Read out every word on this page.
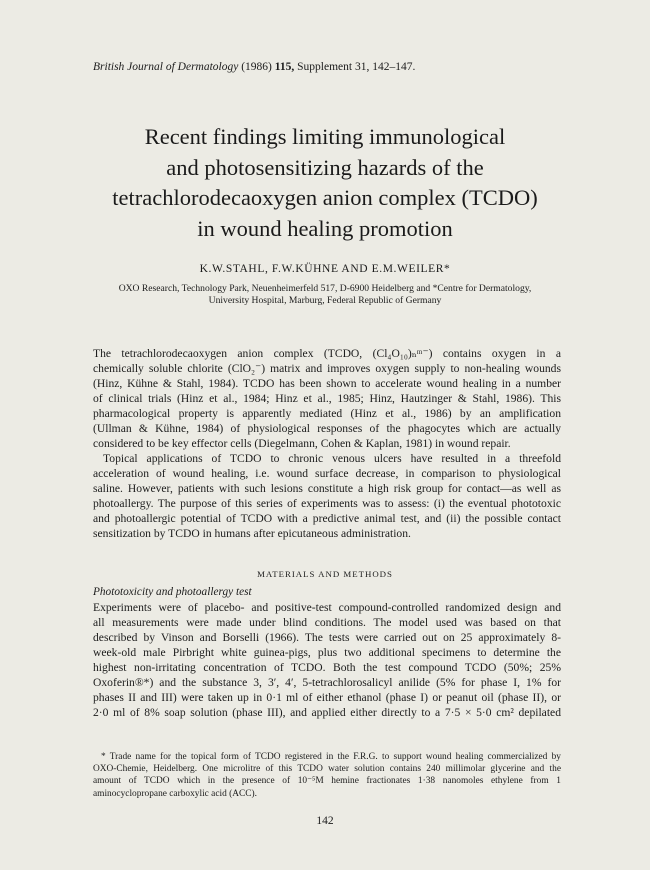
British Journal of Dermatology (1986) 115, Supplement 31, 142–147.
Recent findings limiting immunological
and photosensitizing hazards of the
tetrachlorodecaoxygen anion complex (TCDO)
in wound healing promotion
K.W.STAHL, F.W.KÜHNE AND E.M.WEILER*
OXO Research, Technology Park, Neuenheimerfeld 517, D-6900 Heidelberg and *Centre for Dermatology,
University Hospital, Marburg, Federal Republic of Germany
The tetrachlorodecaoxygen anion complex (TCDO, (Cl₄O₁₀)ₙᵐ⁻) contains oxygen in a
chemically soluble chlorite (ClO₂⁻) matrix and improves oxygen supply to non-healing wounds
(Hinz, Kühne & Stahl, 1984). TCDO has been shown to accelerate wound healing in a number
of clinical trials (Hinz et al., 1984; Hinz et al., 1985; Hinz, Hautzinger & Stahl, 1986). This
pharmacological property is apparently mediated (Hinz et al., 1986) by an amplification
(Ullman & Kühne, 1984) of physiological responses of the phagocytes which are actually
considered to be key effector cells (Diegelmann, Cohen & Kaplan, 1981) in wound repair.
Topical applications of TCDO to chronic venous ulcers have resulted in a threefold
acceleration of wound healing, i.e. wound surface decrease, in comparison to physiological
saline. However, patients with such lesions constitute a high risk group for contact—as well as
photoallergy. The purpose of this series of experiments was to assess: (i) the eventual phototoxic
and photoallergic potential of TCDO with a predictive animal test, and (ii) the possible contact
sensitization by TCDO in humans after epicutaneous administration.
MATERIALS AND METHODS
Phototoxicity and photoallergy test
Experiments were of placebo- and positive-test compound-controlled randomized design and
all measurements were made under blind conditions. The model used was based on that
described by Vinson and Borselli (1966). The tests were carried out on 25 approximately 8-
week-old male Pirbright white guinea-pigs, plus two additional specimens to determine the
highest non-irritating concentration of TCDO. Both the test compound TCDO (50%; 25%
Oxoferin®*) and the substance 3, 3′, 4′, 5-tetrachlorosalicyl anilide (5% for phase I, 1% for
phases II and III) were taken up in 0·1 ml of either ethanol (phase I) or peanut oil (phase II), or
2·0 ml of 8% soap solution (phase III), and applied either directly to a 7·5 × 5·0 cm² depilated
* Trade name for the topical form of TCDO registered in the F.R.G. to support wound healing commercialized by
OXO-Chemie, Heidelberg. One microlitre of this TCDO water solution contains 240 millimolar glycerine and the
amount of TCDO which in the presence of 10⁻⁵M hemine fractionates 1·38 nanomoles ethylene from 1
aminocyclopropane carboxylic acid (ACC).
142
